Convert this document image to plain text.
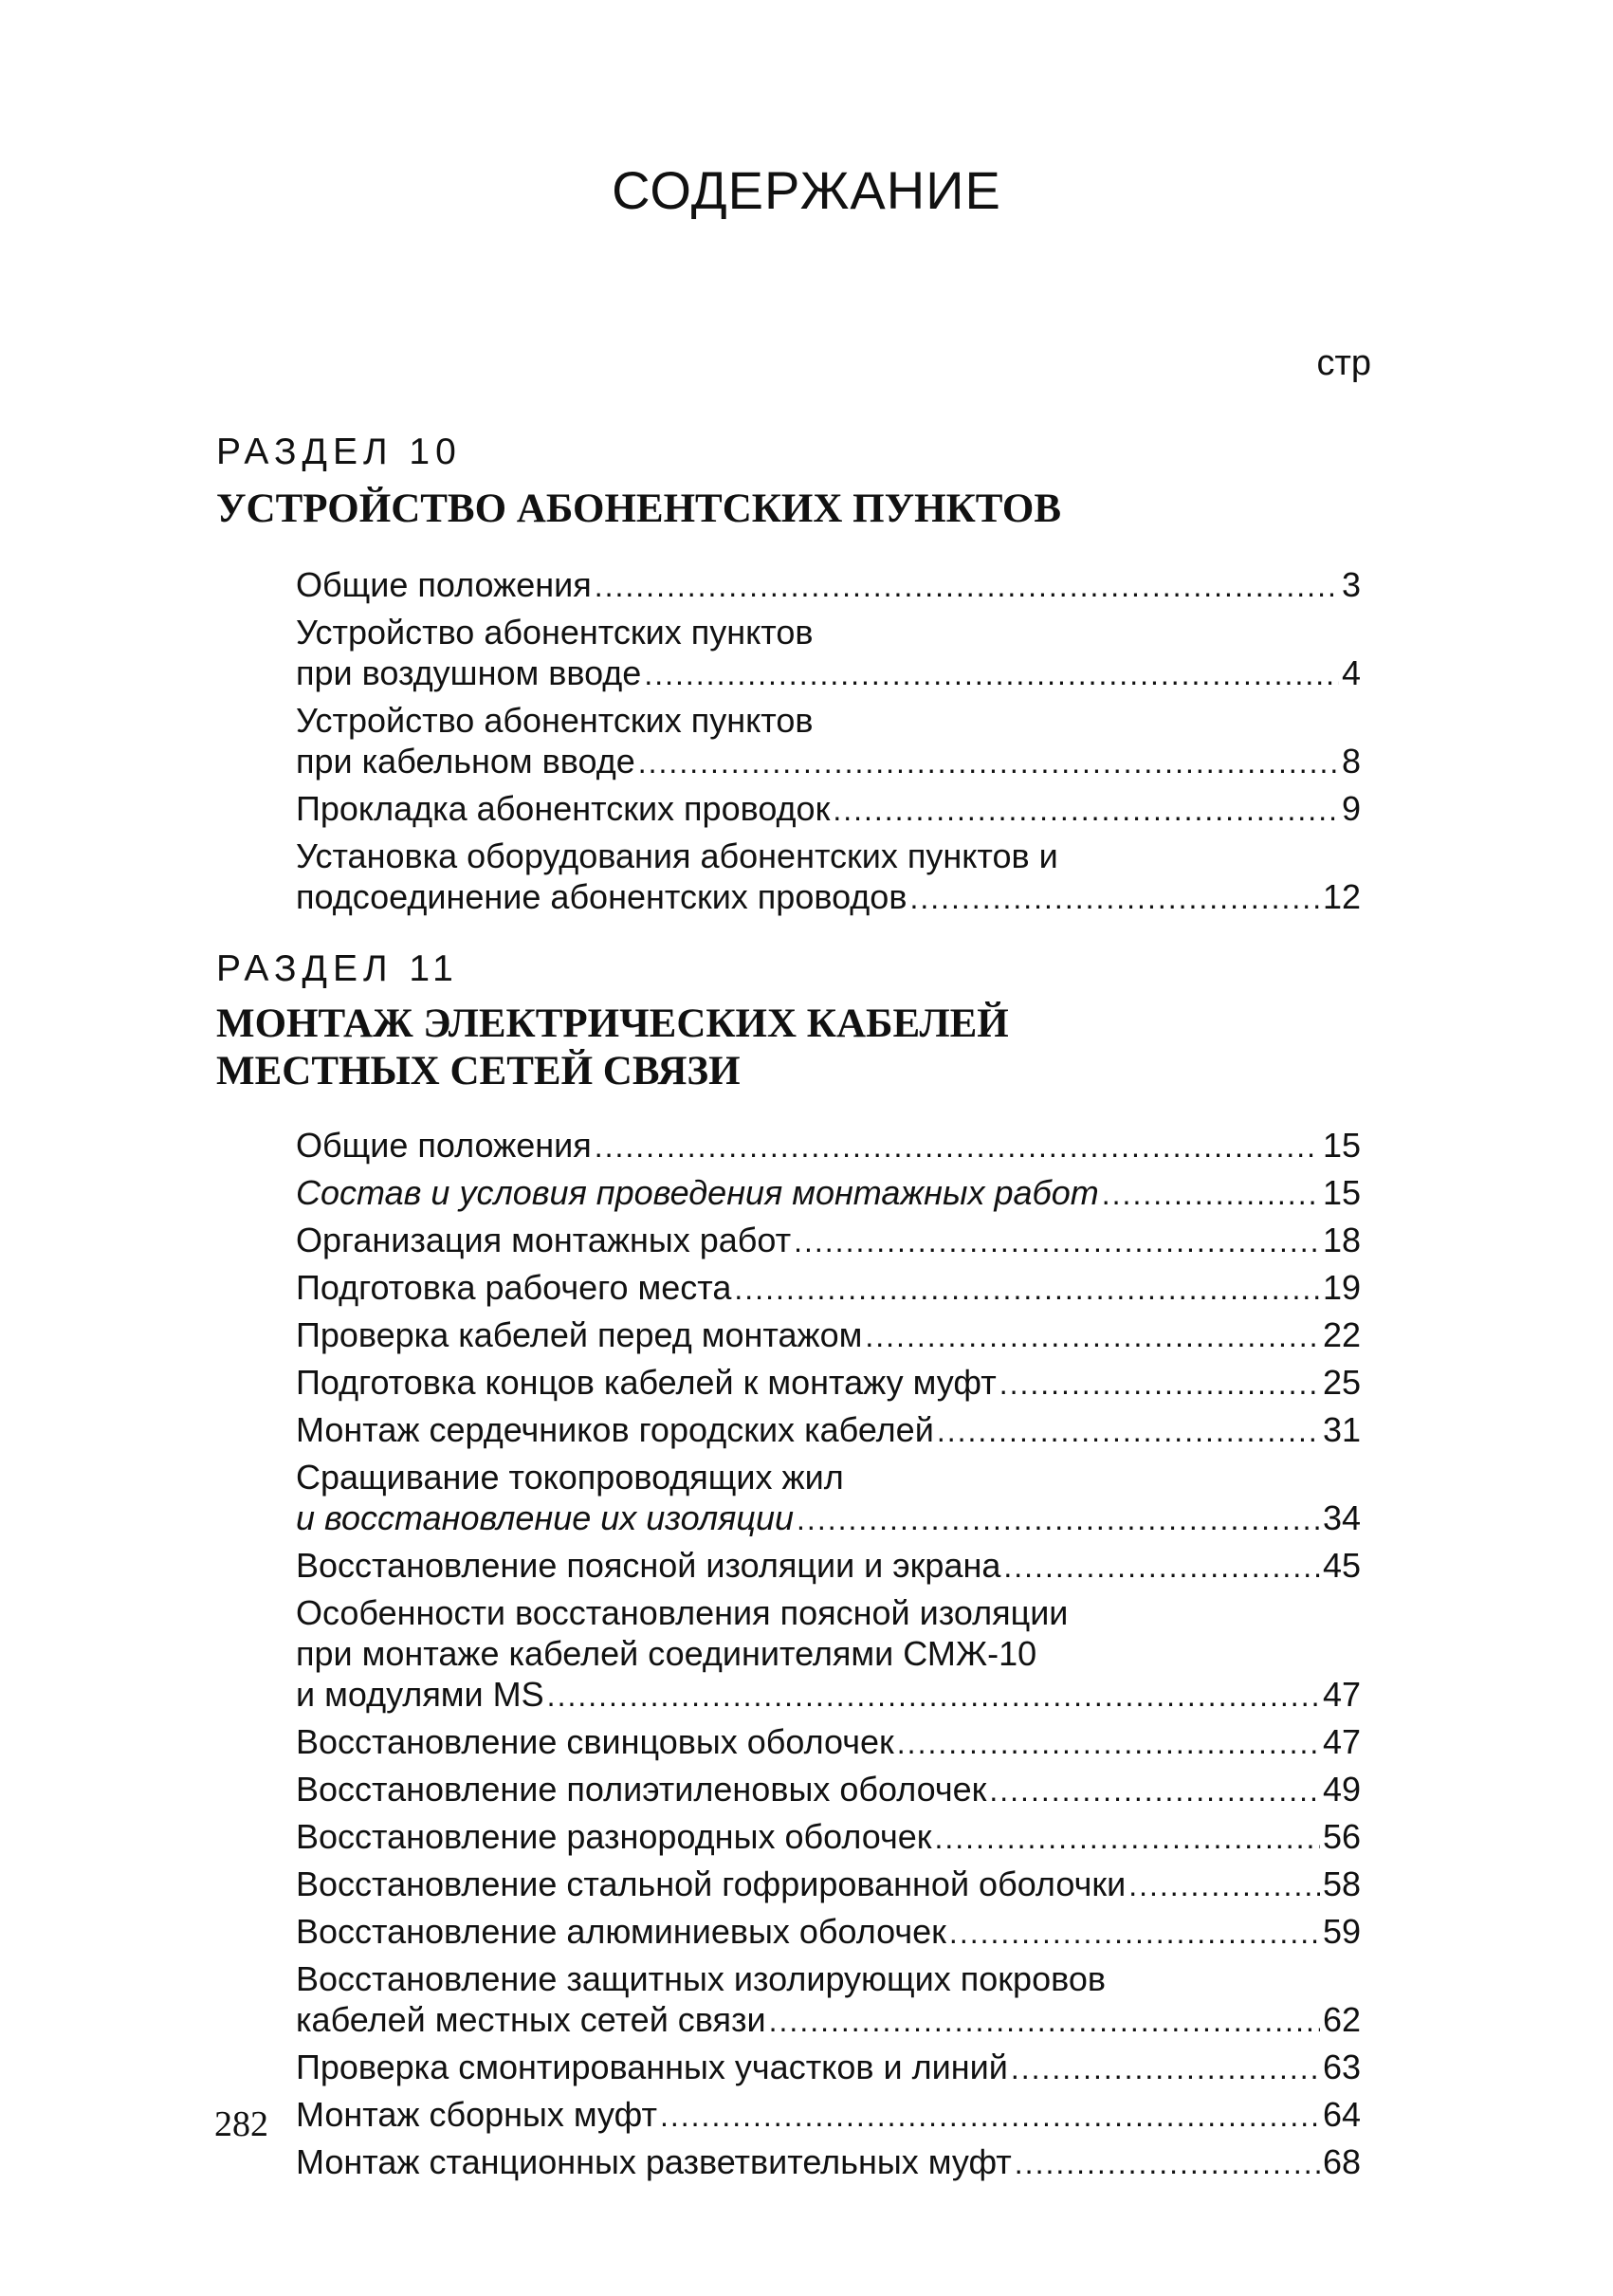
СОДЕРЖАНИЕ
стр
РАЗДЕЛ 10
УСТРОЙСТВО АБОНЕНТСКИХ ПУНКТОВ
Общие положения .....	3
Устройство абонентских пунктов
при воздушном вводе .....	4
Устройство абонентских пунктов
при кабельном вводе .....	8
Прокладка абонентских проводок .....	9
Установка оборудования абонентских пунктов и
подсоединение абонентских проводов .....	12
РАЗДЕЛ 11
МОНТАЖ ЭЛЕКТРИЧЕСКИХ КАБЕЛЕЙ
МЕСТНЫХ СЕТЕЙ СВЯЗИ
Общие положения .....	15
Состав и условия проведения монтажных работ .....	15
Организация монтажных работ .....	18
Подготовка рабочего места .....	19
Проверка кабелей перед монтажом .....	22
Подготовка концов кабелей к монтажу муфт .....	25
Монтаж сердечников городских кабелей .....	31
Сращивание токопроводящих жил
и восстановление их изоляции .....	34
Восстановление поясной изоляции и экрана .....	45
Особенности восстановления поясной изоляции
при монтаже кабелей соединителями СМЖ-10
и модулями MS .....	47
Восстановление свинцовых оболочек .....	47
Восстановление полиэтиленовых оболочек .....	49
Восстановление разнородных оболочек .....	56
Восстановление стальной гофрированной оболочки .....	58
Восстановление алюминиевых оболочек .....	59
Восстановление защитных изолирующих покровов
кабелей местных сетей связи .....	62
Проверка смонтированных участков и линий .....	63
Монтаж сборных муфт .....	64
Монтаж станционных разветвительных муфт .....	68
282
